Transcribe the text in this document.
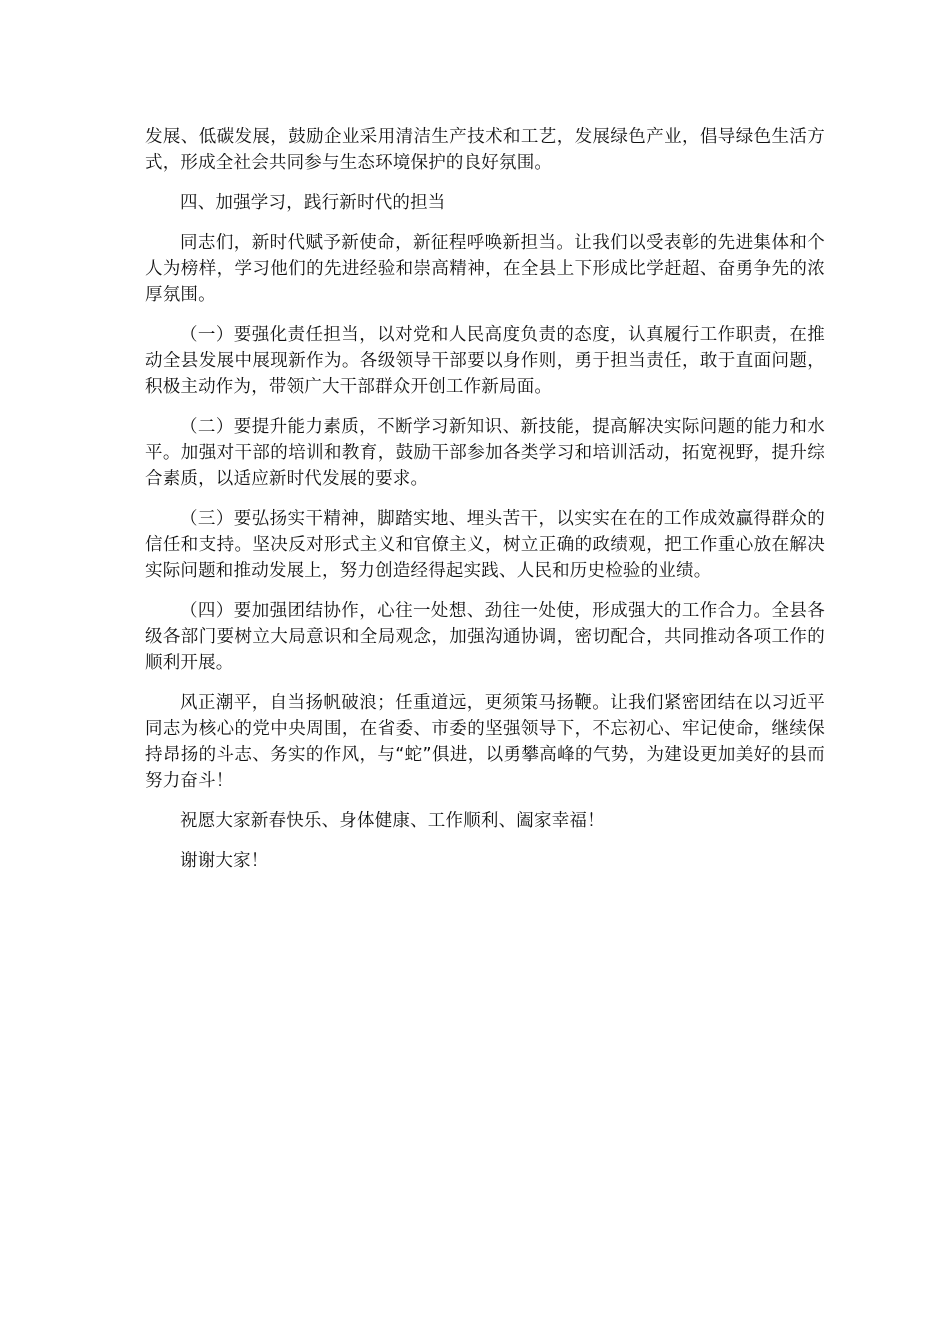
发展、低碳发展，鼓励企业采用清洁生产技术和工艺，发展绿色产业，倡导绿色生活方式，形成全社会共同参与生态环境保护的良好氛围。

四、加强学习，践行新时代的担当

同志们，新时代赋予新使命，新征程呼唤新担当。让我们以受表彰的先进集体和个人为榜样，学习他们的先进经验和崇高精神，在全县上下形成比学赶超、奋勇争先的浓厚氛围。

（一）要强化责任担当，以对党和人民高度负责的态度，认真履行工作职责，在推动全县发展中展现新作为。各级领导干部要以身作则，勇于担当责任，敢于直面问题，积极主动作为，带领广大干部群众开创工作新局面。

（二）要提升能力素质，不断学习新知识、新技能，提高解决实际问题的能力和水平。加强对干部的培训和教育，鼓励干部参加各类学习和培训活动，拓宽视野，提升综合素质，以适应新时代发展的要求。

（三）要弘扬实干精神，脚踏实地、埋头苦干，以实实在在的工作成效赢得群众的信任和支持。坚决反对形式主义和官僚主义，树立正确的政绩观，把工作重心放在解决实际问题和推动发展上，努力创造经得起实践、人民和历史检验的业绩。

（四）要加强团结协作，心往一处想、劲往一处使，形成强大的工作合力。全县各级各部门要树立大局意识和全局观念，加强沟通协调，密切配合，共同推动各项工作的顺利开展。

风正潮平，自当扬帆破浪；任重道远，更须策马扬鞭。让我们紧密团结在以习近平同志为核心的党中央周围，在省委、市委的坚强领导下，不忘初心、牢记使命，继续保持昂扬的斗志、务实的作风，与“蛇”俱进，以勇攀高峰的气势，为建设更加美好的县而努力奋斗！

祝愿大家新春快乐、身体健康、工作顺利、阖家幸福！

谢谢大家！
